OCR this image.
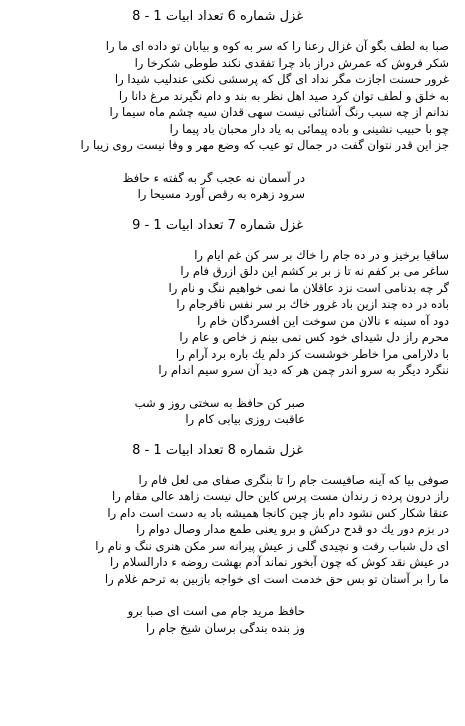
غزل شماره 6 تعداد ابیات 1 - 8
صبا به لطف بگو آن غزال رعنا را که سر به کوه و بیابان تو داده ای ما را
شکر فروش که عمرش دراز باد چرا تفقدی نکند طوطی شکرخا را
غرور حسنت اجازت مگر نداد ای گل که پرسشی نکنی عندلیب شیدا را
به خلق و لطف توان کرد صید اهل نظر به بند و دام نگیرند مرغ دانا را
ندانم از چه سبب رنگ آشنائی نیست سهی قدان سیه چشم ماه سیما را
چو با حبیب نشینی و باده پیمائی به یاد دار محبان باد پیما را
جز این قدر نتوان گفت در جمال تو عیب که وضع مهر و وفا نیست روی زیبا را
در آسمان نه عجب گر به گفته ء حافظ
سرود زهره به رقص آورد مسیحا را
غزل شماره 7 تعداد ابیات 1 - 9
ساقیا برخیز و در ده جام را خاك بر سر كن غم ایام را
ساغر می بر كفم نه تا ز بر بر كشم این دلق ازرق فام را
گر چه بدنامی است نزد عاقلان ما نمی خواهیم ننگ و نام را
باده در ده چند ازین باد غرور خاك بر سر نفس نافرجام را
دود آه سینه ء نالان من سوخت این افسردگان خام را
محرم راز دل شیدای خود كس نمی بینم ز خاص و عام را
با دلارامی مرا خاطر خوشست كز دلم یك باره برد آرام را
ننگرد دیگر به سرو اندر چمن هر كه دید آن سرو سیم اندام را
صبر كن حافظ به سختی روز و شب
عاقبت روزی بیابی كام را
غزل شماره 8 تعداد ابیات 1 - 8
صوفی بیا كه آینه صافیست جام را تا بنگری صفای می لعل فام را
راز درون پرده ز رندان مست پرس كاین حال نیست زاهد عالی مقام را
عنقا شكار كس نشود دام باز چین كانجا همیشه باد به دست است دام را
در بزم دور یك دو قدح دركش و برو یعنی طمع مدار وصال دوام را
ای دل شباب رفت و نچیدی گلی ز عیش پیرانه سر مكن هنری ننگ و نام را
در عیش نقد كوش كه چون آبخور نماند آدم بهشت روضه ء دارالسلام را
ما را بر آستان تو بس حق خدمت است ای خواجه بازبین به ترحم غلام را
حافظ مرید جام می است ای صبا برو
وز بنده بندگی برسان شیخ جام را
